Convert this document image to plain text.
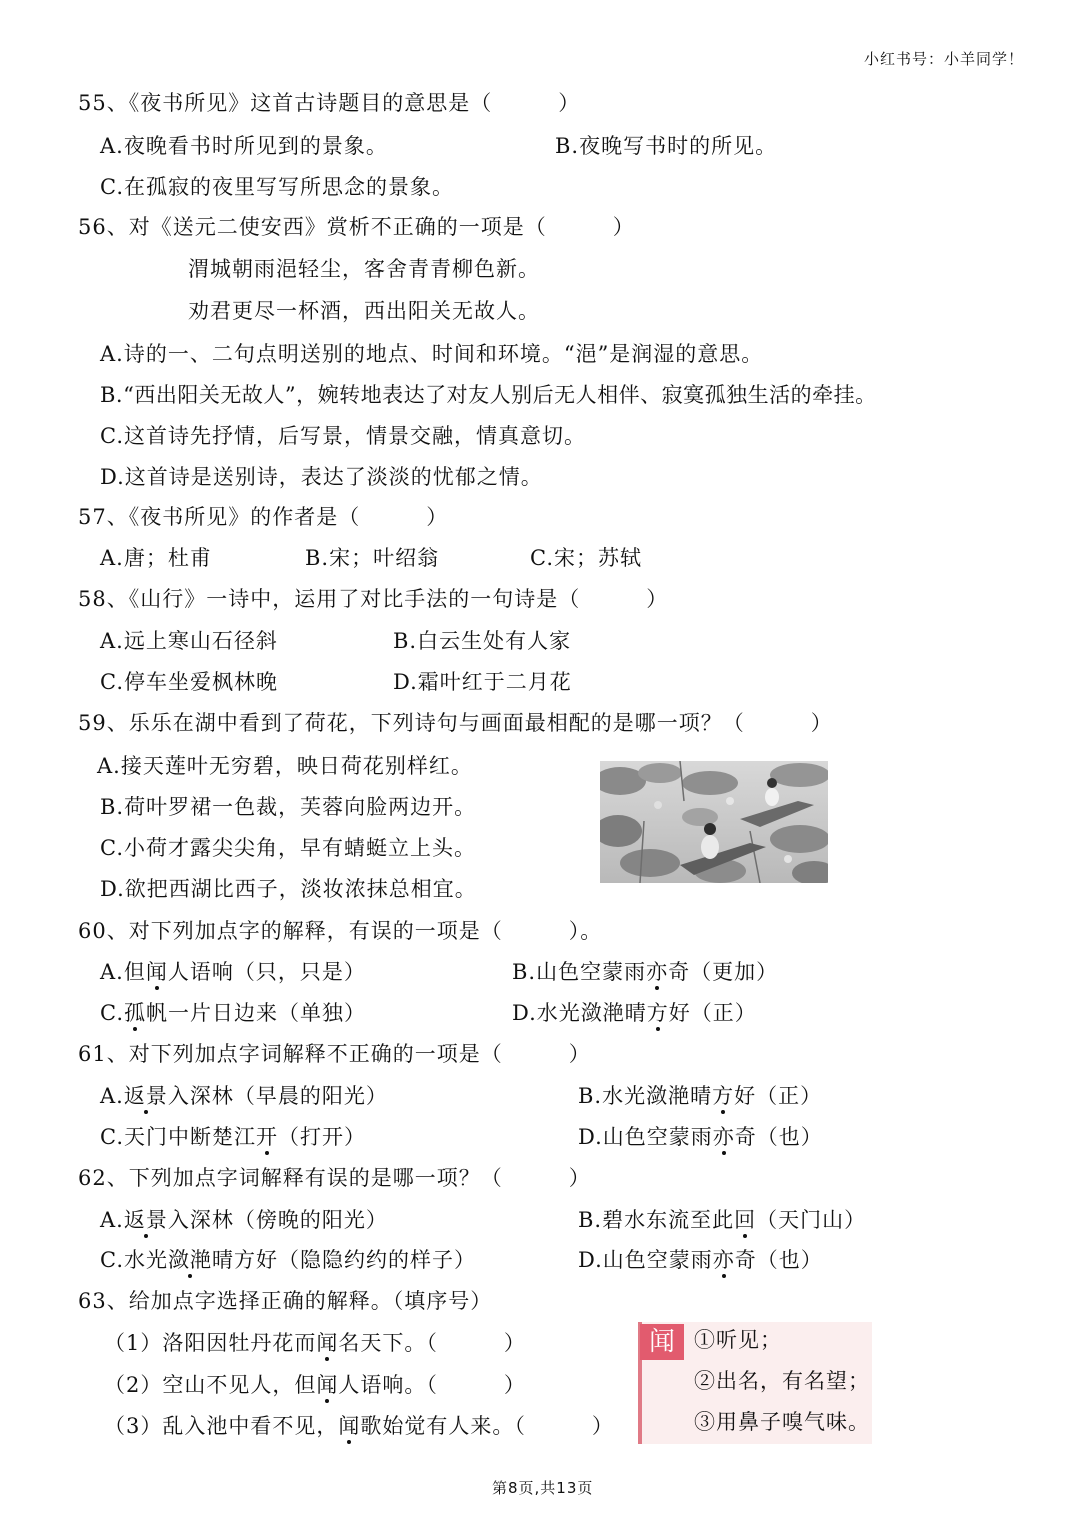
小红书号：小羊同学！
55、《夜书所见》这首古诗题目的意思是（　　　）
A.夜晚看书时所见到的景象。	B.夜晚写书时的所见。
C.在孤寂的夜里写写所思念的景象。
56、对《送元二使安西》赏析不正确的一项是（　　　）
渭城朝雨浥轻尘，客舍青青柳色新。
劝君更尽一杯酒，西出阳关无故人。
A.诗的一、二句点明送别的地点、时间和环境。“浥”是润湿的意思。
B.“西出阳关无故人”，婉转地表达了对友人别后无人相伴、寂寞孤独生活的牵挂。
C.这首诗先抒情，后写景，情景交融，情真意切。
D.这首诗是送别诗，表达了淡淡的忧郁之情。
57、《夜书所见》的作者是（　　　）
A.唐；杜甫	B.宋；叶绍翁	C.宋；苏轼
58、《山行》一诗中，运用了对比手法的一句诗是（　　　）
A.远上寒山石径斜	B.白云生处有人家
C.停车坐爱枫林晚	D.霜叶红于二月花
59、乐乐在湖中看到了荷花，下列诗句与画面最相配的是哪一项？（　　　）
A.接天莲叶无穷碧，映日荷花别样红。
B.荷叶罗裙一色裁，芙蓉向脸两边开。
C.小荷才露尖尖角，早有蜻蜓立上头。
D.欲把西湖比西子，淡妆浓抹总相宜。
60、对下列加点字的解释，有误的一项是（　　　）。
A.但闻人语响（只，只是）	B.山色空蒙雨亦奇（更加）
C.孤帆一片日边来（单独）	D.水光潋滟晴方好（正）
61、对下列加点字词解释不正确的一项是（　　　）
A.返景入深林（早晨的阳光）	B.水光潋滟晴方好（正）
C.天门中断楚江开（打开）	D.山色空蒙雨亦奇（也）
62、下列加点字词解释有误的是哪一项？（　　　）
A.返景入深林（傍晚的阳光）	B.碧水东流至此回（天门山）
C.水光潋滟晴方好（隐隐约约的样子）	D.山色空蒙雨亦奇（也）
63、给加点字选择正确的解释。（填序号）
（1）洛阳因牡丹花而闻名天下。（　　　）
（2）空山不见人，但闻人语响。（　　　）
（3）乱入池中看不见，闻歌始觉有人来。（　　　）
闻 ①听见；
②出名，有名望；
③用鼻子嗅气味。
第8页,共13页
